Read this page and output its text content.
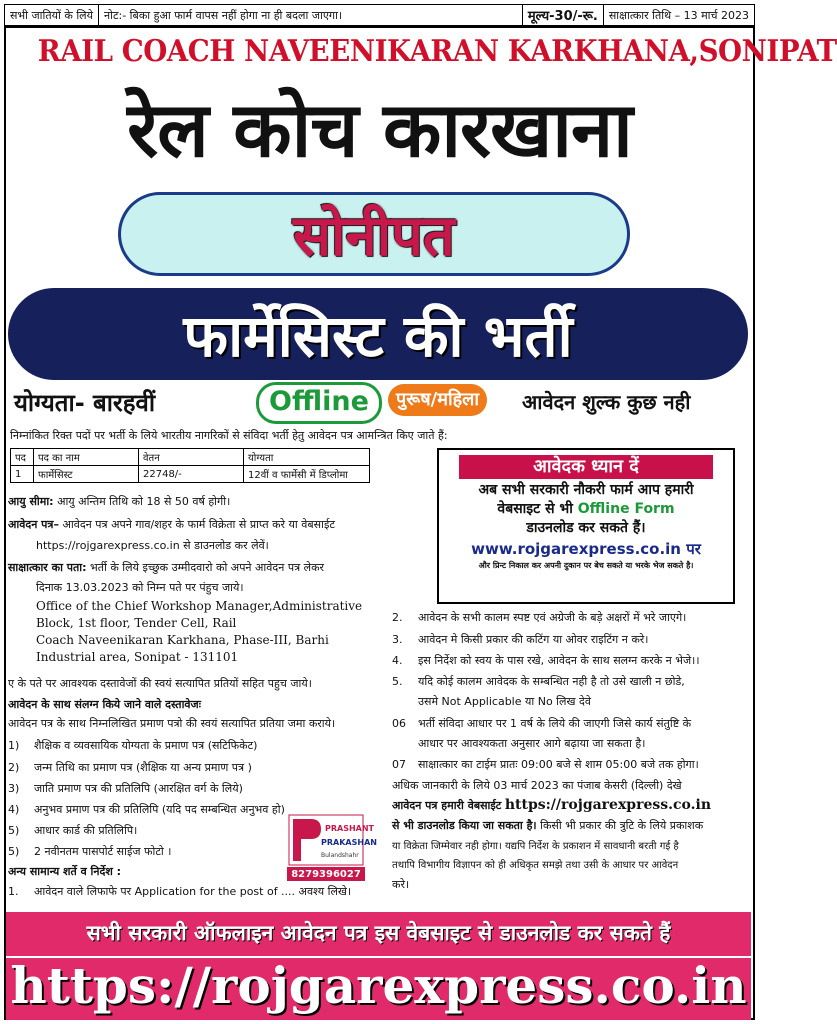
सभी जातियों के लिये	नोट:- बिका हुआ फार्म वापस नहीं होगा ना ही बदला जाएगा।	मूल्य-30/-रू.	साक्षात्कार तिथि – 13 मार्च 2023
RAIL COACH NAVEENIKARAN KARKHANA,SONIPAT
रेल कोच कारखाना
सोनीपत
फार्मेसिस्ट की भर्ती
योग्यता- बारहवीं	Offline	पुरूष/महिला	आवेदन शुल्क कुछ नही
निम्नांकित रिक्त पदों पर भर्ती के लिये भारतीय नागरिकों से संविदा भर्ती हेतु आवेदन पत्र आमन्त्रित किए जाते हैं:
पद	पद का नाम	वेतन	योग्यता
1	फार्मेसिस्ट	22748/-	12वीं व फार्मेसी में डिप्लोमा
आयु सीमा: आयु अन्तिम तिथि को 18 से 50 वर्ष होगी।
आवेदन पत्र– आवेदन पत्र अपने गाव/शहर के फार्म विक्रेता से प्राप्त करे या वेबसाईट
https://rojgarexpress.co.in से डाउनलोड कर लेवें।
साक्षात्कार का पता: भर्ती के लिये इच्छुक उम्मीदवारो को अपने आवेदन पत्र लेकर
दिनाक 13.03.2023 को निम्न पते पर पंहुच जाये।
Office of the Chief Workshop Manager,Administrative
Block, 1st floor, Tender Cell, Rail
Coach Naveenikaran Karkhana, Phase-III, Barhi
Industrial area, Sonipat - 131101
ए के पते पर आवश्यक दस्तावेजों की स्वयं सत्यापित प्रतियों सहित पहुच जाये।
आवेदन के साथ संलग्न किये जाने वाले दस्तावेजः
आवेदन पत्र के साथ निम्नलिखित प्रमाण पत्रो की स्वयं सत्यापित प्रतिया जमा कराये।
1) शैक्षिक व व्यवसायिक योग्यता के प्रमाण पत्र (सटिफिकेट)
2) जन्म तिथि का प्रमाण पत्र (शैक्षिक या अन्य प्रमाण पत्र )
3) जाति प्रमाण पत्र की प्रतिलिपि (आरक्षित वर्ग के लिये)
4) अनुभव प्रमाण पत्र की प्रतिलिपि (यदि पद सम्बन्धित अनुभव हो)
5) आधार कार्ड की प्रतिलिपि।
5) 2 नवीनतम पासपोर्ट साईज फोटो ।
अन्य सामान्य शर्ते व निर्देश :
1. आवेदन वाले लिफाफे पर Application for the post of .... अवश्य लिखे।
PRASHANT
PRAKASHAN
Bulandshahr
8279396027
आवेदक ध्यान दें
अब सभी सरकारी नौकरी फार्म आप हमारी
वेबसाइट से भी Offline Form
डाउनलोड कर सकते हैं।
www.rojgarexpress.co.in पर
और प्रिन्ट निकाल कर अपनी दुकान पर बेच सकते या भरके भेज सकते है।
2. आवेदन के सभी कालम स्पष्ट एवं अग्रेजी के बड़े अक्षरों में भरे जाएगे।
3. आवेदन मे किसी प्रकार की कटिंग या ओवर राइटिंग न करे।
4. इस निर्देश को स्वय के पास रखे, आवेदन के साथ सलग्न करके न भेजे।।
5. यदि कोई कालम आवेदक के सम्बन्धित नही है तो उसे खाली न छोडे,
उसमे Not Applicable या No लिख देवे
06 भर्ती संविदा आधार पर 1 वर्ष के लिये की जाएगी जिसे कार्य संतुष्टि के
आधार पर आवश्यकता अनुसार आगे बढ़ाया जा सकता है।
07 साक्षात्कार का टाईम प्रातः 09:00 बजे से शाम 05:00 बजे तक होगा।
अधिक जानकारी के लिये 03 मार्च 2023 का पंजाब केसरी (दिल्ली) देखे
आवेदन पत्र हमारी वेबसाईट https://rojgarexpress.co.in
से भी डाउनलोड किया जा सकता है। किसी भी प्रकार की त्रुटि के लिये प्रकाशक
या विक्रेता जिम्मेवार नही होगा। यद्यपि निर्देश के प्रकाशन में सावधानी बरती गई है
तथापि विभागीय विज्ञापन को ही अधिकृत समझे तथा उसी के आधार पर आवेदन
करे।
सभी सरकारी ऑफलाइन आवेदन पत्र इस वेबसाइट से डाउनलोड कर सकते हैं
https://rojgarexpress.co.in
